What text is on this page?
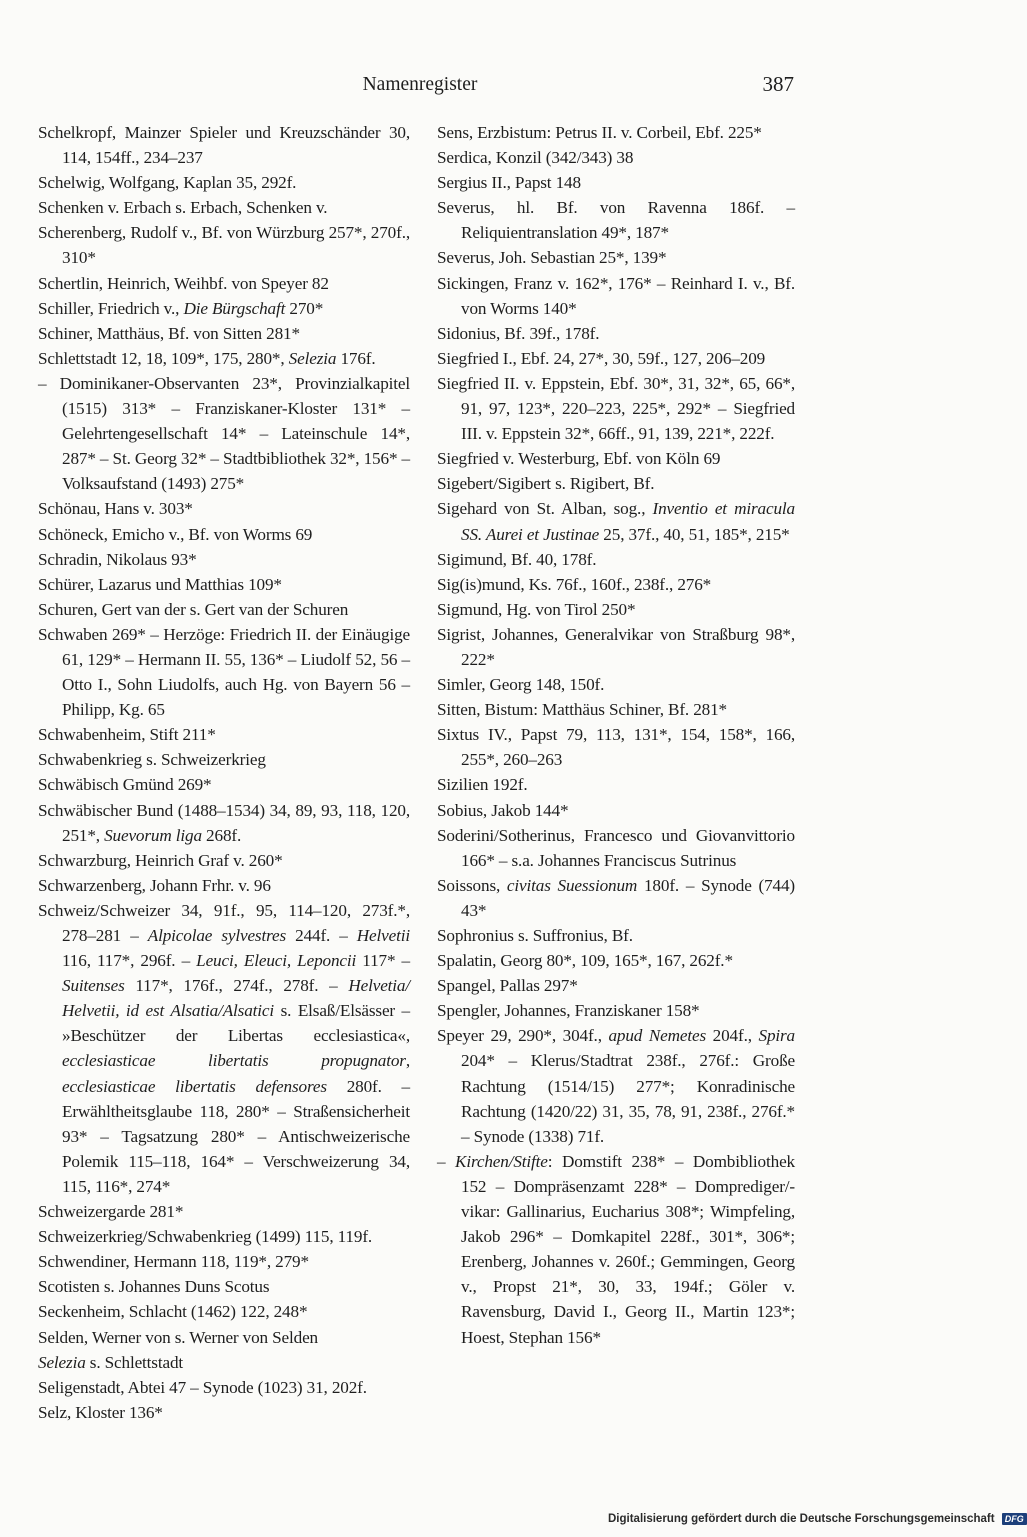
Namenregister	387
Schelkropf, Mainzer Spieler und Kreuzschänder 30, 114, 154ff., 234–237
Schelwig, Wolfgang, Kaplan 35, 292f.
Schenken v. Erbach s. Erbach, Schenken v.
Scherenberg, Rudolf v., Bf. von Würzburg 257*, 270f., 310*
Schertlin, Heinrich, Weihbf. von Speyer 82
Schiller, Friedrich v., Die Bürgschaft 270*
Schiner, Matthäus, Bf. von Sitten 281*
Schlettstadt 12, 18, 109*, 175, 280*, Selezia 176f.
– Dominikaner-Observanten 23*, Provinzialkapitel (1515) 313* – Franziskaner-Kloster 131* – Gelehrtengesellschaft 14* – Lateinschule 14*, 287* – St. Georg 32* – Stadtbibliothek 32*, 156* – Volksaufstand (1493) 275*
Schönau, Hans v. 303*
Schöneck, Emicho v., Bf. von Worms 69
Schradin, Nikolaus 93*
Schürer, Lazarus und Matthias 109*
Schuren, Gert van der s. Gert van der Schuren
Schwaben 269* – Herzöge: Friedrich II. der Einäugige 61, 129* – Hermann II. 55, 136* – Liudolf 52, 56 – Otto I., Sohn Liudolfs, auch Hg. von Bayern 56 – Philipp, Kg. 65
Schwabenheim, Stift 211*
Schwabenkrieg s. Schweizerkrieg
Schwäbisch Gmünd 269*
Schwäbischer Bund (1488–1534) 34, 89, 93, 118, 120, 251*, Suevorum liga 268f.
Schwarzburg, Heinrich Graf v. 260*
Schwarzenberg, Johann Frhr. v. 96
Schweiz/Schweizer 34, 91f., 95, 114–120, 273f.*, 278–281 – Alpicolae sylvestres 244f. – Helvetii 116, 117*, 296f. – Leuci, Eleuci, Leponcii 117* – Suitenses 117*, 176f., 274f., 278f. – Helvetia/ Helvetii, id est Alsatia/Alsatici s. Elsaß/Elsässer – »Beschützer der Libertas ecclesiastica«, ecclesiasticae libertatis propugnator, ecclesiasticae libertatis defensores 280f. – Erwähltheitsglaube 118, 280* – Straßensicherheit 93* – Tagsatzung 280* – Antischweizerische Polemik 115–118, 164* – Verschweizerung 34, 115, 116*, 274*
Schweizergarde 281*
Schweizerkrieg/Schwabenkrieg (1499) 115, 119f.
Schwendiner, Hermann 118, 119*, 279*
Scotisten s. Johannes Duns Scotus
Seckenheim, Schlacht (1462) 122, 248*
Selden, Werner von s. Werner von Selden
Selezia s. Schlettstadt
Seligenstadt, Abtei 47 – Synode (1023) 31, 202f.
Selz, Kloster 136*
Sens, Erzbistum: Petrus II. v. Corbeil, Ebf. 225*
Serdica, Konzil (342/343) 38
Sergius II., Papst 148
Severus, hl. Bf. von Ravenna 186f. – Reliquientranslation 49*, 187*
Severus, Joh. Sebastian 25*, 139*
Sickingen, Franz v. 162*, 176* – Reinhard I. v., Bf. von Worms 140*
Sidonius, Bf. 39f., 178f.
Siegfried I., Ebf. 24, 27*, 30, 59f., 127, 206–209
Siegfried II. v. Eppstein, Ebf. 30*, 31, 32*, 65, 66*, 91, 97, 123*, 220–223, 225*, 292* – Siegfried III. v. Eppstein 32*, 66ff., 91, 139, 221*, 222f.
Siegfried v. Westerburg, Ebf. von Köln 69
Sigebert/Sigibert s. Rigibert, Bf.
Sigehard von St. Alban, sog., Inventio et miracula SS. Aurei et Justinae 25, 37f., 40, 51, 185*, 215*
Sigimund, Bf. 40, 178f.
Sig(is)mund, Ks. 76f., 160f., 238f., 276*
Sigmund, Hg. von Tirol 250*
Sigrist, Johannes, Generalvikar von Straßburg 98*, 222*
Simler, Georg 148, 150f.
Sitten, Bistum: Matthäus Schiner, Bf. 281*
Sixtus IV., Papst 79, 113, 131*, 154, 158*, 166, 255*, 260–263
Sizilien 192f.
Sobius, Jakob 144*
Soderini/Sotherinus, Francesco und Giovanvittorio 166* – s.a. Johannes Franciscus Sutrinus
Soissons, civitas Suessionum 180f. – Synode (744) 43*
Sophronius s. Suffronius, Bf.
Spalatin, Georg 80*, 109, 165*, 167, 262f.*
Spangel, Pallas 297*
Spengler, Johannes, Franziskaner 158*
Speyer 29, 290*, 304f., apud Nemetes 204f., Spira 204* – Klerus/Stadtrat 238f., 276f.: Große Rachtung (1514/15) 277*; Konradinische Rachtung (1420/22) 31, 35, 78, 91, 238f., 276f.* – Synode (1338) 71f.
– Kirchen/Stifte: Domstift 238* – Dombibliothek 152 – Dompräsenzamt 228* – Domprediger/-vikar: Gallinarius, Eucharius 308*; Wimpfeling, Jakob 296* – Domkapitel 228f., 301*, 306*; Erenberg, Johannes v. 260f.; Gemmingen, Georg v., Propst 21*, 30, 33, 194f.; Göler v. Ravensburg, David I., Georg II., Martin 123*; Hoest, Stephan 156*
Digitalisierung gefördert durch die Deutsche Forschungsgemeinschaft DFG
